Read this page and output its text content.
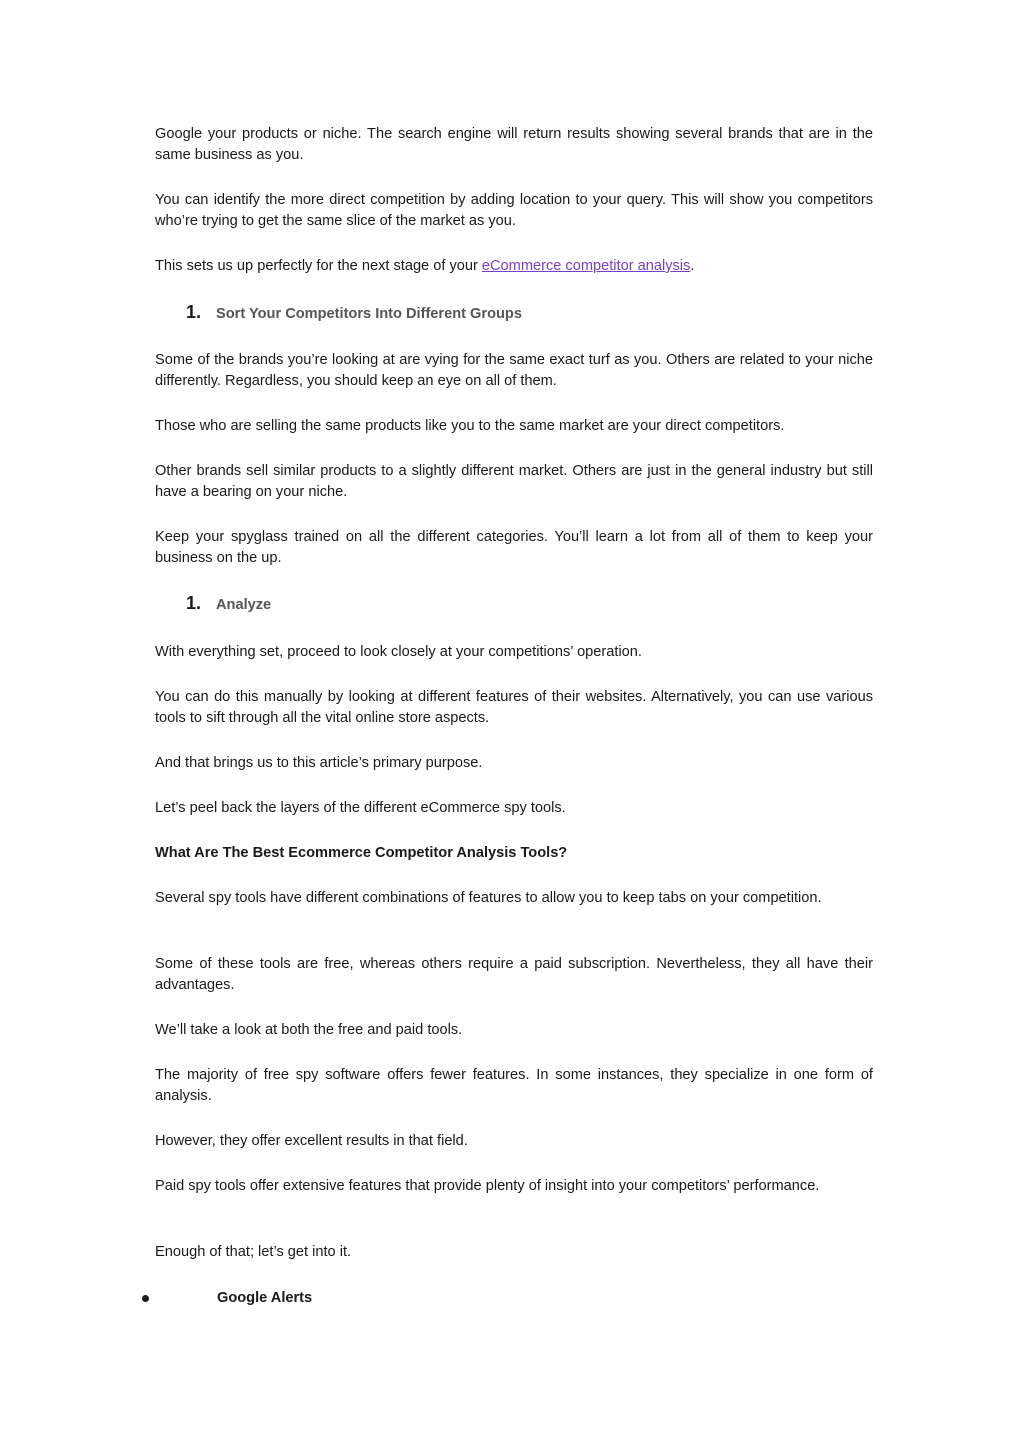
Google your products or niche. The search engine will return results showing several brands that are in the same business as you.

You can identify the more direct competition by adding location to your query. This will show you competitors who’re trying to get the same slice of the market as you.

This sets us up perfectly for the next stage of your eCommerce competitor analysis.

1.	Sort Your Competitors Into Different Groups

Some of the brands you’re looking at are vying for the same exact turf as you. Others are related to your niche differently. Regardless, you should keep an eye on all of them.

Those who are selling the same products like you to the same market are your direct competitors.

Other brands sell similar products to a slightly different market. Others are just in the general industry but still have a bearing on your niche.

Keep your spyglass trained on all the different categories. You’ll learn a lot from all of them to keep your business on the up.

1.	Analyze

With everything set, proceed to look closely at your competitions’ operation.

You can do this manually by looking at different features of their websites. Alternatively, you can use various tools to sift through all the vital online store aspects.

And that brings us to this article’s primary purpose.

Let’s peel back the layers of the different eCommerce spy tools.

What Are The Best Ecommerce Competitor Analysis Tools?

Several spy tools have different combinations of features to allow you to keep tabs on your competition.

Some of these tools are free, whereas others require a paid subscription. Nevertheless, they all have their advantages.

We’ll take a look at both the free and paid tools.

The majority of free spy software offers fewer features. In some instances, they specialize in one form of analysis.

However, they offer excellent results in that field.

Paid spy tools offer extensive features that provide plenty of insight into your competitors’ performance.

Enough of that; let’s get into it.

Google Alerts
